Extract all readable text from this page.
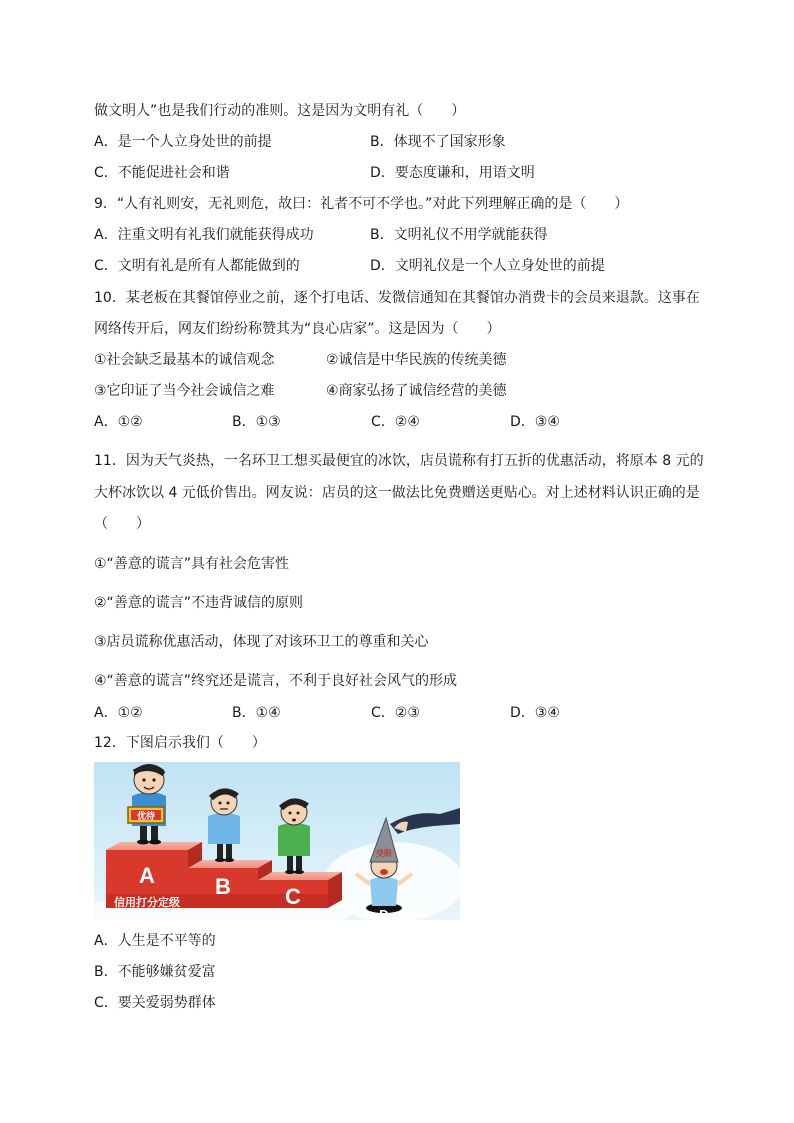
做文明人”也是我们行动的准则。这是因为文明有礼（　　）
A．是一个人立身处世的前提	B．体现不了国家形象
C．不能促进社会和谐	D．要态度谦和，用语文明
9．“人有礼则安，无礼则危，故曰：礼者不可不学也。”对此下列理解正确的是（　　）
A．注重文明有礼我们就能获得成功	B．文明礼仪不用学就能获得
C．文明有礼是所有人都能做到的	D．文明礼仪是一个人立身处世的前提
10．某老板在其餐馆停业之前，逐个打电话、发微信通知在其餐馆办消费卡的会员来退款。这事在
网络传开后，网友们纷纷称赞其为“良心店家”。这是因为（　　）
①社会缺乏最基本的诚信观念	②诚信是中华民族的传统美德
③它印证了当今社会诚信之难	④商家弘扬了诚信经营的美德
A．①②	B．①③	C．②④	D．③④
11．因为天气炎热，一名环卫工想买最便宜的冰饮，店员谎称有打五折的优惠活动，将原本 8 元的
大杯冰饮以 4 元低价售出。网友说：店员的这一做法比免费赠送更贴心。对上述材料认识正确的是
（　　）
①“善意的谎言”具有社会危害性
②“善意的谎言”不违背诚信的原则
③店员谎称优惠活动，体现了对该环卫工的尊重和关心
④“善意的谎言”终究还是谎言，不利于良好社会风气的形成
A．①②	B．①④	C．②③	D．③④
12．下图启示我们（　　）
A	B C
信用打分定级
优待
受限
D
A．人生是不平等的
B．不能够嫌贫爱富
C．要关爱弱势群体
